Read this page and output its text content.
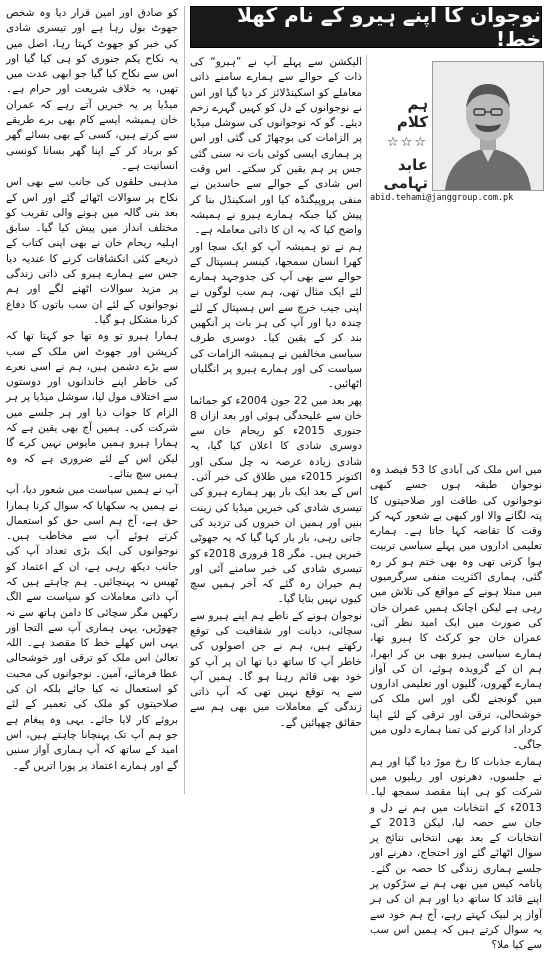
نوجوان کا اپنے ہیرو کے نام کھلا خط!
ہم کلام
☆☆☆
عابد تہامی
abid.tehami@janggroup.com.pk

میں اس ملک کی آبادی کا 53 فیصد وہ نوجوان طبقہ ہوں جسے کبھی نوجوانوں کی طاقت اور صلاحیتوں کا پتہ لگانے والا اور کبھی بے شعور کہہ کر وقت کا تقاضہ کہا جاتا ہے۔ ہمارے تعلیمی اداروں میں پہلے سیاسی تربیت ہوا کرتی تھی وہ بھی ختم ہو کر رہ گئی، ہماری اکثریت منفی سرگرمیوں میں مبتلا ہونے کے مواقع کی تلاش میں رہی ہے لیکن اچانک ہمیں عمران خان کی صورت میں ایک امید نظر آئی، عمران خان جو کرکٹ کا ہیرو تھا، ہمارے سیاسی ہیرو بھی بن کر ابھرا، ہم ان کے گرویدہ ہوئے، ان کی آواز ہمارے گھروں، گلیوں اور تعلیمی اداروں میں گونجنے لگی اور اس ملک کی خوشحالی، ترقی اور ترقی کے لئے اپنا کردار ادا کرنے کی تمنا ہمارے دلوں میں جاگی۔

ہمارے جذبات کا رخ موڑ دیا گیا اور ہم نے جلسوں، دھرنوں اور ریلیوں میں شرکت کو ہی اپنا مقصد سمجھ لیا۔ 2013ء کے انتخابات میں ہم نے دل و جان سے حصہ لیا، لیکن 2013 کے انتخابات کے بعد بھی انتخابی نتائج پر سوال اٹھائے گئے اور احتجاج، دھرنے اور جلسے ہماری زندگی کا حصہ بن گئے۔ پانامہ کیس میں بھی ہم نے سڑکوں پر اپنے قائد کا ساتھ دیا اور ہم ان کی ہر آواز پر لبیک کہتے رہے، آج ہم خود سے یہ سوال کرتے ہیں کہ ہمیں اس سب سے کیا ملا؟

الیکشن سے پہلے آپ نے ”ہیرو“ کی ذات کے حوالے سے ہمارے سامنے ذاتی معاملے کو اسکینڈلائز کر دیا گیا اور اس نے نوجوانوں کے دل کو کہیں گہرے زخم دیئے۔ گو کہ نوجوانوں کی سوشل میڈیا پر الزامات کی بوچھاڑ کی گئی اور اس پر ہماری ایسی کوئی بات نہ سنی گئی جس پر ہم یقین کر سکتے۔ اس وقت اس شادی کے حوالے سے حاسدین نے منفی پروپیگنڈہ کیا اور اسکینڈل بنا کر پیش کیا جبکہ ہمارے ہیرو نے ہمیشہ واضح کیا کہ یہ ان کا ذاتی معاملہ ہے۔

ہم نے تو ہمیشہ آپ کو ایک سچا اور کھرا انسان سمجھا، کینسر ہسپتال کے حوالے سے بھی آپ کی جدوجہد ہمارے لئے ایک مثال تھی، ہم سب لوگوں نے اپنی جیب خرچ سے اس ہسپتال کے لئے چندہ دیا اور آپ کی ہر بات پر آنکھیں بند کر کے یقین کیا۔ دوسری طرف سیاسی مخالفین نے ہمیشہ الزامات کی سیاست کی اور ہمارے ہیرو پر انگلیاں اٹھائیں۔

پھر بعد میں 22 جون 2004ء کو جمائما خان سے علیحدگی ہوئی اور بعد ازاں 8 جنوری 2015ء کو ریحام خان سے دوسری شادی کا اعلان کیا گیا، یہ شادی زیادہ عرصہ نہ چل سکی اور اکتوبر 2015ء میں طلاق کی خبر آئی۔ اس کے بعد ایک بار پھر ہمارے ہیرو کی تیسری شادی کی خبریں میڈیا کی زینت بنیں اور ہمیں ان خبروں کی تردید کی جاتی رہی، بار بار کہا گیا کہ یہ جھوٹی خبریں ہیں۔ مگر 18 فروری 2018ء کو تیسری شادی کی خبر سامنے آئی اور ہم حیران رہ گئے کہ آخر ہمیں سچ کیوں نہیں بتایا گیا۔

نوجوان ہونے کے ناطے ہم اپنے ہیرو سے سچائی، دیانت اور شفافیت کی توقع رکھتے ہیں، ہم نے جن اصولوں کی خاطر آپ کا ساتھ دیا تھا ان پر آپ کو خود بھی قائم رہنا ہو گا۔ ہمیں آپ سے یہ توقع نہیں تھی کہ آپ ذاتی زندگی کے معاملات میں بھی ہم سے حقائق چھپائیں گے۔

کو صادق اور امین قرار دیا وہ شخص جھوٹ بول رہا ہے اور تیسری شادی کی خبر کو جھوٹ کہتا رہا، اصل میں یہ نکاح یکم جنوری کو ہی کیا گیا اور اس سے نکاح کیا گیا جو ابھی عدت میں تھیں، یہ خلاف شریعت اور حرام ہے۔ میڈیا پر یہ خبریں آتے رہے کہ عمران خان ہمیشہ ایسے کام بھی برے طریقے سے کرتے ہیں، کسی کے بھی بسائے گھر کو برباد کر کے اپنا گھر بسانا کونسی انسانیت ہے۔

مذہبی حلقوں کی جانب سے بھی اس نکاح پر سوالات اٹھائے گئے اور اس کے بعد بنی گالہ میں ہونے والی تقریب کو مختلف انداز میں پیش کیا گیا۔ سابق اہلیہ ریحام خان نے بھی اپنی کتاب کے ذریعے کئی انکشافات کرنے کا عندیہ دیا جس سے ہمارے ہیرو کی ذاتی زندگی پر مزید سوالات اٹھنے لگے اور ہم نوجوانوں کے لئے ان سب باتوں کا دفاع کرنا مشکل ہو گیا۔

ہمارا ہیرو تو وہ تھا جو کہتا تھا کہ کرپشن اور جھوٹ اس ملک کے سب سے بڑے دشمن ہیں، ہم نے اسی نعرے کی خاطر اپنے خاندانوں اور دوستوں سے اختلاف مول لیا، سوشل میڈیا پر ہر الزام کا جواب دیا اور ہر جلسے میں شرکت کی۔ ہمیں آج بھی یقین ہے کہ ہمارا ہیرو ہمیں مایوس نہیں کرے گا لیکن اس کے لئے ضروری ہے کہ وہ ہمیں سچ بتائے۔

آپ نے ہمیں سیاست میں شعور دیا، آپ نے ہمیں یہ سکھایا کہ سوال کرنا ہمارا حق ہے، آج ہم اسی حق کو استعمال کرتے ہوئے آپ سے مخاطب ہیں۔ نوجوانوں کی ایک بڑی تعداد آپ کی جانب دیکھ رہی ہے، ان کے اعتماد کو ٹھیس نہ پہنچائیں۔ ہم چاہتے ہیں کہ آپ ذاتی معاملات کو سیاست سے الگ رکھیں مگر سچائی کا دامن ہاتھ سے نہ چھوڑیں، یہی ہماری آپ سے التجا اور یہی اس کھلے خط کا مقصد ہے۔ اللہ تعالیٰ اس ملک کو ترقی اور خوشحالی عطا فرمائے، آمین۔ نوجوانوں کی محبت کو استعمال نہ کیا جائے بلکہ ان کی صلاحیتوں کو ملک کی تعمیر کے لئے بروئے کار لایا جائے۔ یہی وہ پیغام ہے جو ہم آپ تک پہنچانا چاہتے ہیں، اس امید کے ساتھ کہ آپ ہماری آواز سنیں گے اور ہمارے اعتماد پر پورا اتریں گے۔
